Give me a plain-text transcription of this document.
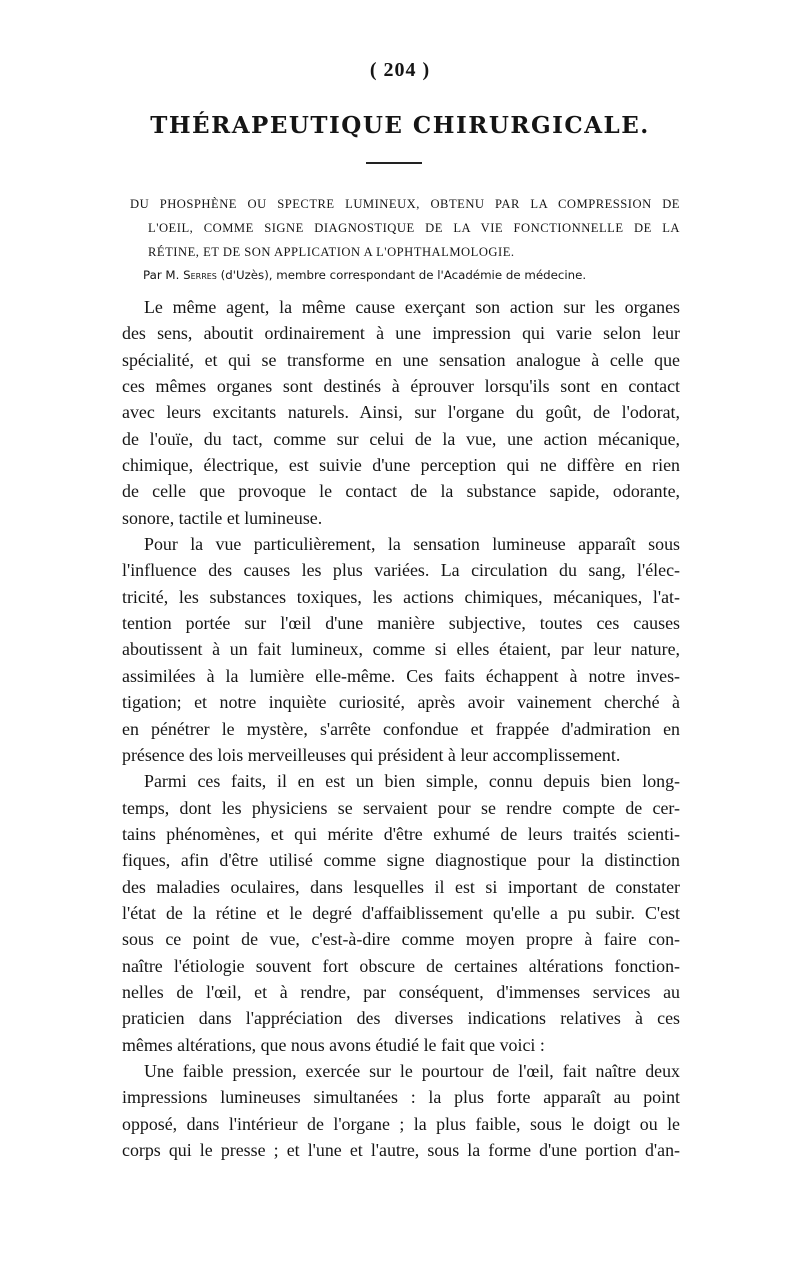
( 204 )
THÉRAPEUTIQUE CHIRURGICALE.
DU PHOSPHÈNE OU SPECTRE LUMINEUX, OBTENU PAR LA COMPRESSION DE
L'OEIL, COMME SIGNE DIAGNOSTIQUE DE LA VIE FONCTIONNELLE DE LA
RÉTINE, ET DE SON APPLICATION A L'OPHTHALMOLOGIE.
Par M. Serres (d'Uzès), membre correspondant de l'Académie de médecine.
Le même agent, la même cause exerçant son action sur les organes
des sens, aboutit ordinairement à une impression qui varie selon leur
spécialité, et qui se transforme en une sensation analogue à celle que
ces mêmes organes sont destinés à éprouver lorsqu'ils sont en contact
avec leurs excitants naturels. Ainsi, sur l'organe du goût, de l'odorat,
de l'ouïe, du tact, comme sur celui de la vue, une action mécanique,
chimique, électrique, est suivie d'une perception qui ne diffère en rien
de celle que provoque le contact de la substance sapide, odorante,
sonore, tactile et lumineuse.
Pour la vue particulièrement, la sensation lumineuse apparaît sous
l'influence des causes les plus variées. La circulation du sang, l'élec-
tricité, les substances toxiques, les actions chimiques, mécaniques, l'at-
tention portée sur l'œil d'une manière subjective, toutes ces causes
aboutissent à un fait lumineux, comme si elles étaient, par leur nature,
assimilées à la lumière elle-même. Ces faits échappent à notre inves-
tigation; et notre inquiète curiosité, après avoir vainement cherché à
en pénétrer le mystère, s'arrête confondue et frappée d'admiration en
présence des lois merveilleuses qui président à leur accomplissement.
Parmi ces faits, il en est un bien simple, connu depuis bien long-
temps, dont les physiciens se servaient pour se rendre compte de cer-
tains phénomènes, et qui mérite d'être exhumé de leurs traités scienti-
fiques, afin d'être utilisé comme signe diagnostique pour la distinction
des maladies oculaires, dans lesquelles il est si important de constater
l'état de la rétine et le degré d'affaiblissement qu'elle a pu subir. C'est
sous ce point de vue, c'est-à-dire comme moyen propre à faire con-
naître l'étiologie souvent fort obscure de certaines altérations fonction-
nelles de l'œil, et à rendre, par conséquent, d'immenses services au
praticien dans l'appréciation des diverses indications relatives à ces
mêmes altérations, que nous avons étudié le fait que voici :
Une faible pression, exercée sur le pourtour de l'œil, fait naître deux
impressions lumineuses simultanées : la plus forte apparaît au point
opposé, dans l'intérieur de l'organe ; la plus faible, sous le doigt ou le
corps qui le presse ; et l'une et l'autre, sous la forme d'une portion d'an-
